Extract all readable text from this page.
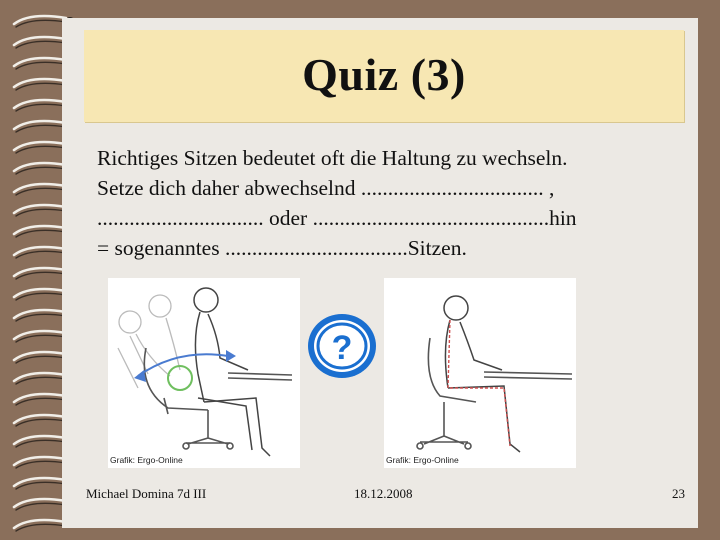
Quiz (3)
Richtiges Sitzen bedeutet oft die Haltung zu wechseln.
Setze dich daher abwechselnd .................................. ,
............................... oder ............................................hin
= sogenanntes ..................................Sitzen.
Grafik: Ergo-Online
?
Grafik: Ergo-Online
Michael Domina 7d III	18.12.2008	23
